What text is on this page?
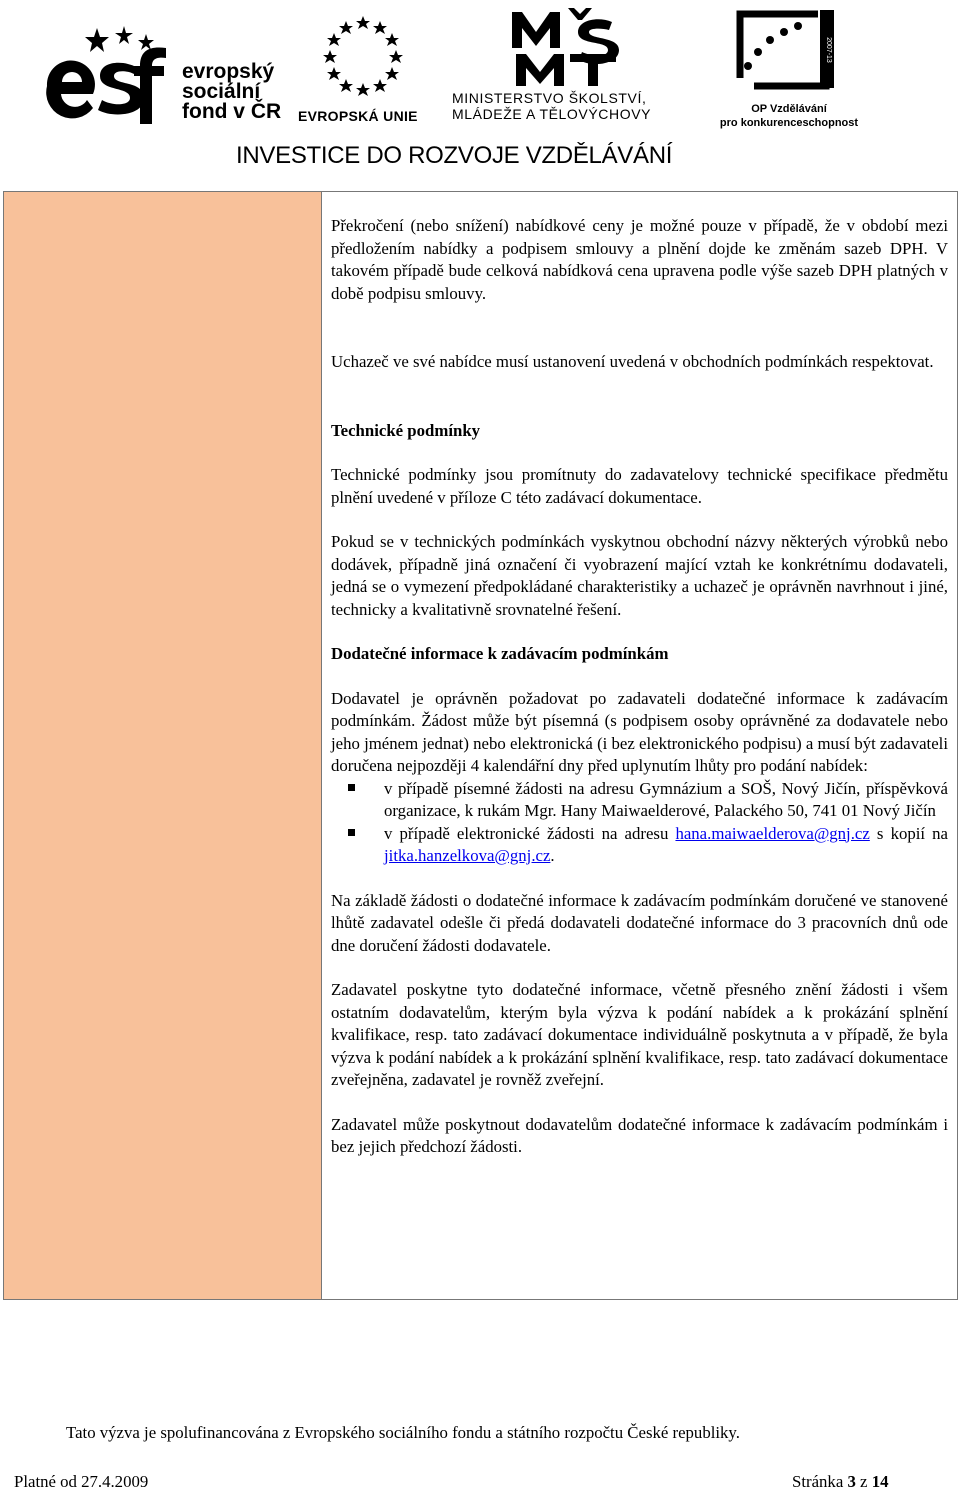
evropský
sociální
fond v ČR EVROPSKÁ UNIE
MINISTERSTVO ŠKOLSTVÍ,
MLÁDEŽE A TĚLOVÝCHOVY
2007-13
OP Vzdělávání
pro konkurenceschopnost
INVESTICE DO ROZVOJE VZDĚLÁVÁNÍ

Překročení (nebo snížení) nabídkové ceny je možné pouze v případě, že v období mezi předložením nabídky a podpisem smlouvy a plnění dojde ke změnám sazeb DPH. V takovém případě bude celková nabídková cena upravena podle výše sazeb DPH platných v době podpisu smlouvy.

Uchazeč ve své nabídce musí ustanovení uvedená v obchodních podmínkách respektovat.

Technické podmínky

Technické podmínky jsou promítnuty do zadavatelovy technické specifikace předmětu plnění uvedené v příloze C této zadávací dokumentace.

Pokud se v technických podmínkách vyskytnou obchodní názvy některých výrobků nebo dodávek, případně jiná označení či vyobrazení mající vztah ke konkrétnímu dodavateli, jedná se o vymezení předpokládané charakteristiky a uchazeč je oprávněn navrhnout i jiné, technicky a kvalitativně srovnatelné řešení.

Dodatečné informace k zadávacím podmínkám

Dodavatel je oprávněn požadovat po zadavateli dodatečné informace k zadávacím podmínkám. Žádost může být písemná (s podpisem osoby oprávněné za dodavatele nebo jeho jménem jednat) nebo elektronická (i bez elektronického podpisu) a musí být zadavateli doručena nejpozději 4 kalendářní dny před uplynutím lhůty pro podání nabídek:

v případě písemné žádosti na adresu Gymnázium a SOŠ, Nový Jičín, příspěvková organizace, k rukám Mgr. Hany Maiwaelderové, Palackého 50, 741 01 Nový Jičín
v případě elektronické žádosti na adresu hana.maiwaelderova@gnj.cz s kopií na jitka.hanzelkova@gnj.cz.

Na základě žádosti o dodatečné informace k zadávacím podmínkám doručené ve stanovené lhůtě zadavatel odešle či předá dodavateli dodatečné informace do 3 pracovních dnů ode dne doručení žádosti dodavatele.

Zadavatel poskytne tyto dodatečné informace, včetně přesného znění žádosti i všem ostatním dodavatelům, kterým byla výzva k podání nabídek a k prokázání splnění kvalifikace, resp. tato zadávací dokumentace individuálně poskytnuta a v případě, že byla výzva k podání nabídek a k prokázání splnění kvalifikace, resp. tato zadávací dokumentace zveřejněna, zadavatel je rovněž zveřejní.

Zadavatel může poskytnout dodavatelům dodatečné informace k zadávacím podmínkám i bez jejich předchozí žádosti.

Tato výzva je spolufinancována z Evropského sociálního fondu a státního rozpočtu České republiky.
Platné od 27.4.2009	Stránka 3 z 14
